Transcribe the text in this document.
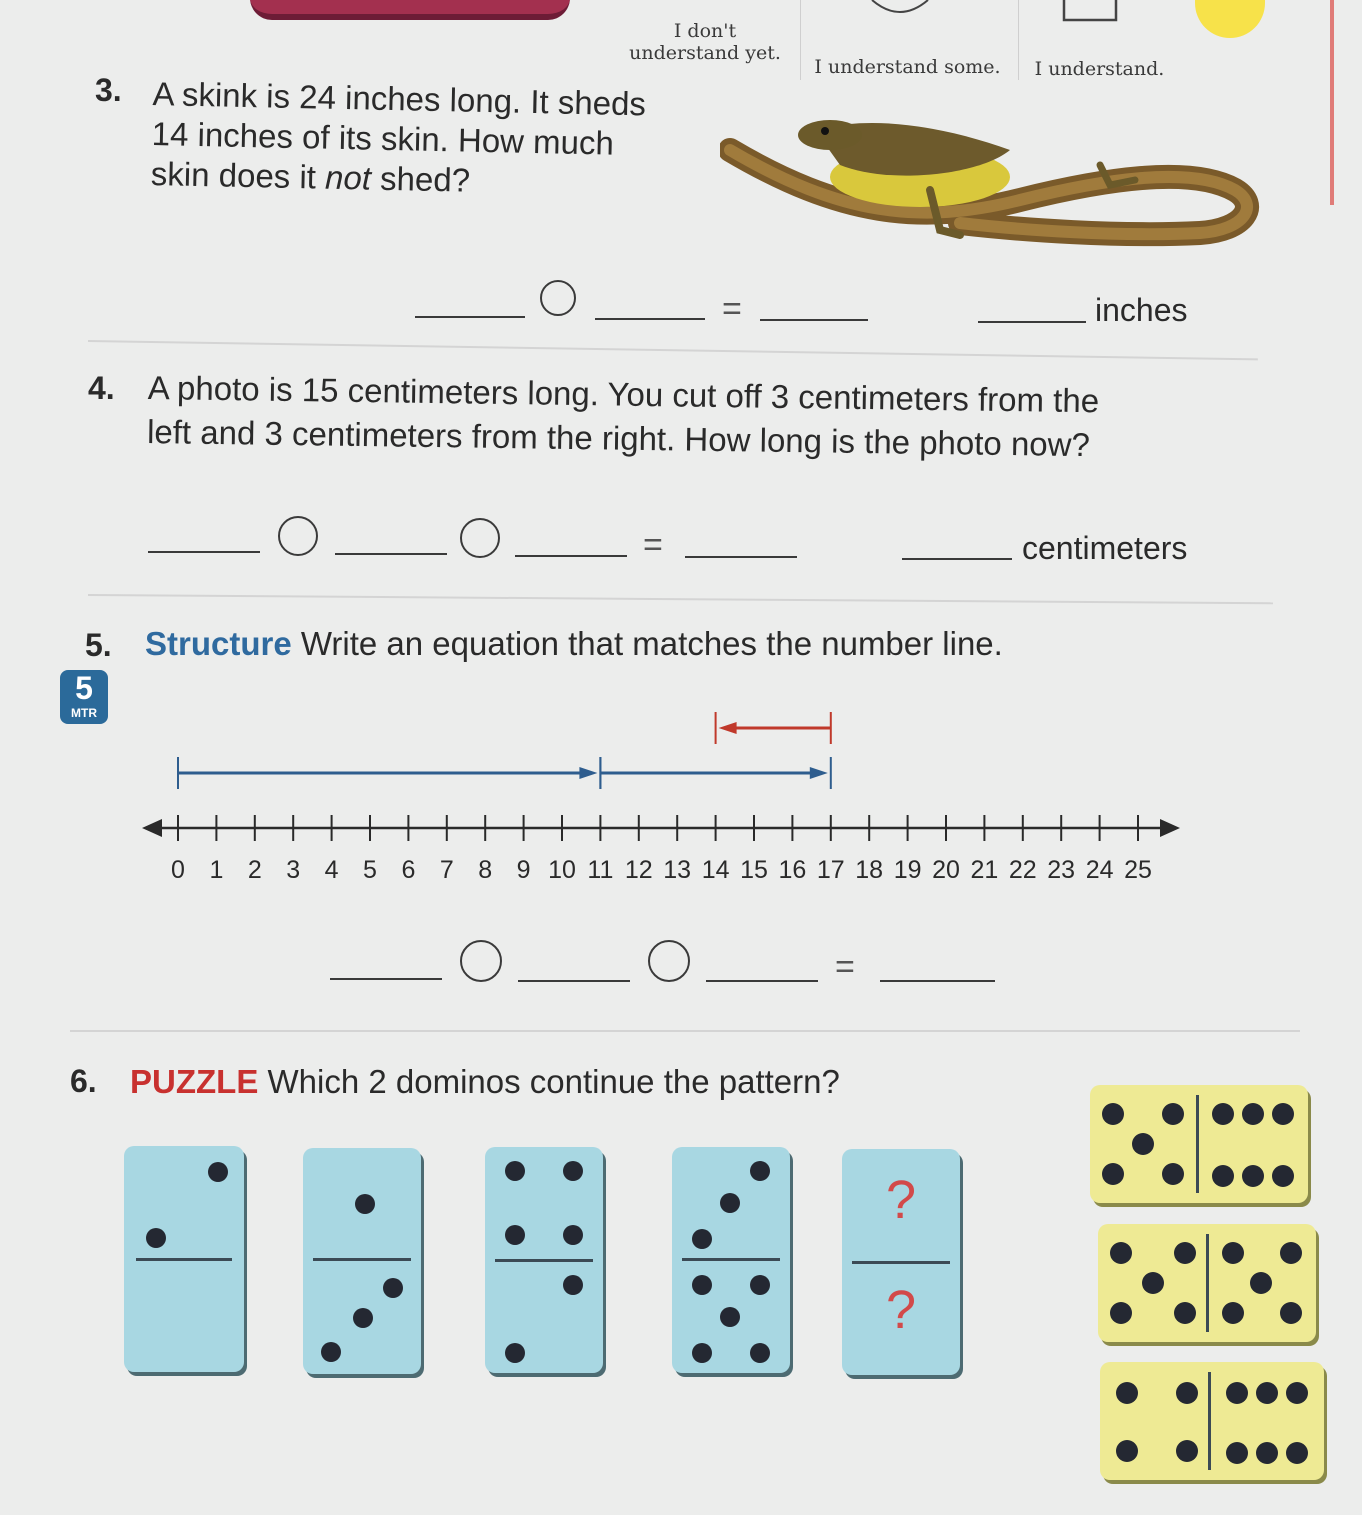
I don't understand yet.
I understand some.	I understand.
3. A skink is 24 inches long. It sheds
14 inches of its skin. How much
skin does it not shed?
=	inches
4. A photo is 15 centimeters long. You cut off 3 centimeters from the
left and 3 centimeters from the right. How long is the photo now?
=	centimeters
5. Structure Write an equation that matches the number line.
5
MTR
0 1 2 3 4 5 6 7 8 9 10 11 12 13 14 15 16 17 18 19 20 21 22 23 24 25
=
6. PUZZLE Which 2 dominos continue the pattern?
?
?
